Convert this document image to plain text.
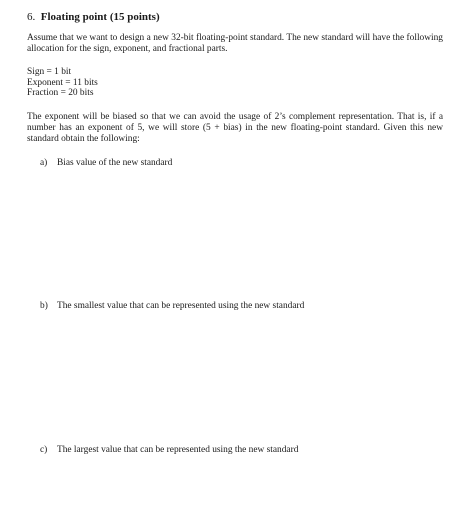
6. Floating point (15 points)
Assume that we want to design a new 32-bit floating-point standard. The new standard will have the following allocation for the sign, exponent, and fractional parts.
Sign = 1 bit
Exponent = 11 bits
Fraction = 20 bits
The exponent will be biased so that we can avoid the usage of 2’s complement representation. That is, if a number has an exponent of 5, we will store (5 + bias) in the new floating-point standard. Given this new standard obtain the following:
a) Bias value of the new standard
b) The smallest value that can be represented using the new standard
c) The largest value that can be represented using the new standard
